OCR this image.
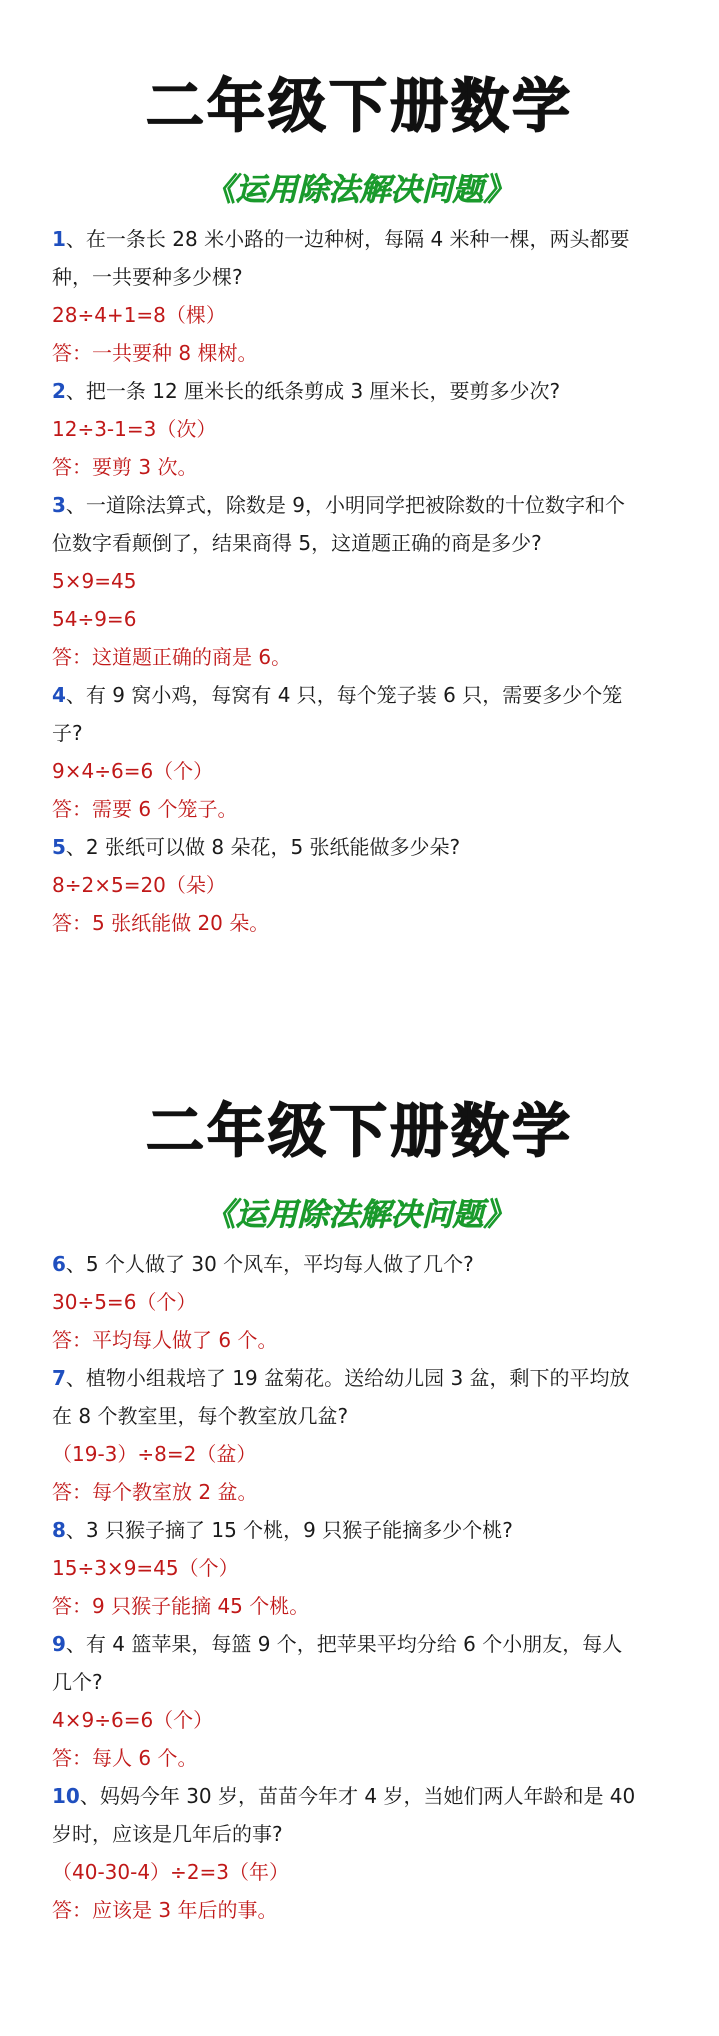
二年级下册数学
《运用除法解决问题》
1、在一条长 28 米小路的一边种树，每隔 4 米种一棵，两头都要
种，一共要种多少棵?
28÷4+1=8（棵）
答：一共要种 8 棵树。
2、把一条 12 厘米长的纸条剪成 3 厘米长，要剪多少次?
12÷3-1=3（次）
答：要剪 3 次。
3、一道除法算式，除数是 9，小明同学把被除数的十位数字和个
位数字看颠倒了，结果商得 5，这道题正确的商是多少?
5×9=45
54÷9=6
答：这道题正确的商是 6。
4、有 9 窝小鸡，每窝有 4 只，每个笼子装 6 只，需要多少个笼
子?
9×4÷6=6（个）
答：需要 6 个笼子。
5、2 张纸可以做 8 朵花，5 张纸能做多少朵?
8÷2×5=20（朵）
答：5 张纸能做 20 朵。
二年级下册数学
《运用除法解决问题》
6、5 个人做了 30 个风车，平均每人做了几个?
30÷5=6（个）
答：平均每人做了 6 个。
7、植物小组栽培了 19 盆菊花。送给幼儿园 3 盆，剩下的平均放
在 8 个教室里，每个教室放几盆?
（19-3）÷8=2（盆）
答：每个教室放 2 盆。
8、3 只猴子摘了 15 个桃，9 只猴子能摘多少个桃?
15÷3×9=45（个）
答：9 只猴子能摘 45 个桃。
9、有 4 篮苹果，每篮 9 个，把苹果平均分给 6 个小朋友，每人
几个?
4×9÷6=6（个）
答：每人 6 个。
10、妈妈今年 30 岁，苗苗今年才 4 岁，当她们两人年龄和是 40
岁时，应该是几年后的事?
（40-30-4）÷2=3（年）
答：应该是 3 年后的事。
